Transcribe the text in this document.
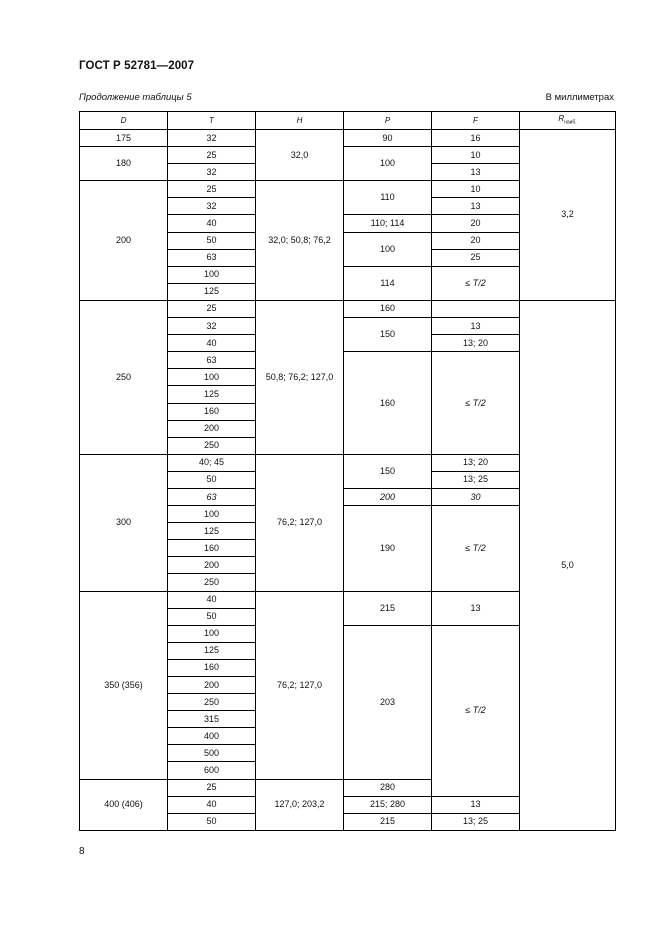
ГОСТ Р 52781—2007
Продолжение таблицы 5	В миллиметрах
D	T	H	P	F	$R_{наиб.}$
175	32	32,0	90	16	3,2
180	25		100	10	
	32			13	
200	25	32,0; 50,8; 76,2	110	10	
	32			13	
	40		110; 114	20	
	50		100	20	
	63			25	
	100		114	≤ T/2	
	125				
250	25	50,8; 76,2; 127,0	160		5,0
	32		150	13	
	40			13; 20	
	63		160	≤ T/2	
	100				
	125				
	160				
	200				
	250				
300	40; 45	76,2; 127,0	150	13; 20	
	50			13; 25	
	63		200	30	
	100		190	≤ T/2	
	125				
	160				
	200				
	250				
350 (356)	40	76,2; 127,0	215	13	
	50				
	100		203	≤ T/2	
	125				
	160				
	200				
	250				
	315				
	400				
	500				
	600				
400 (406)	25	127,0; 203,2	280		
	40		215; 280	13	
	50		215	13; 25	
8
